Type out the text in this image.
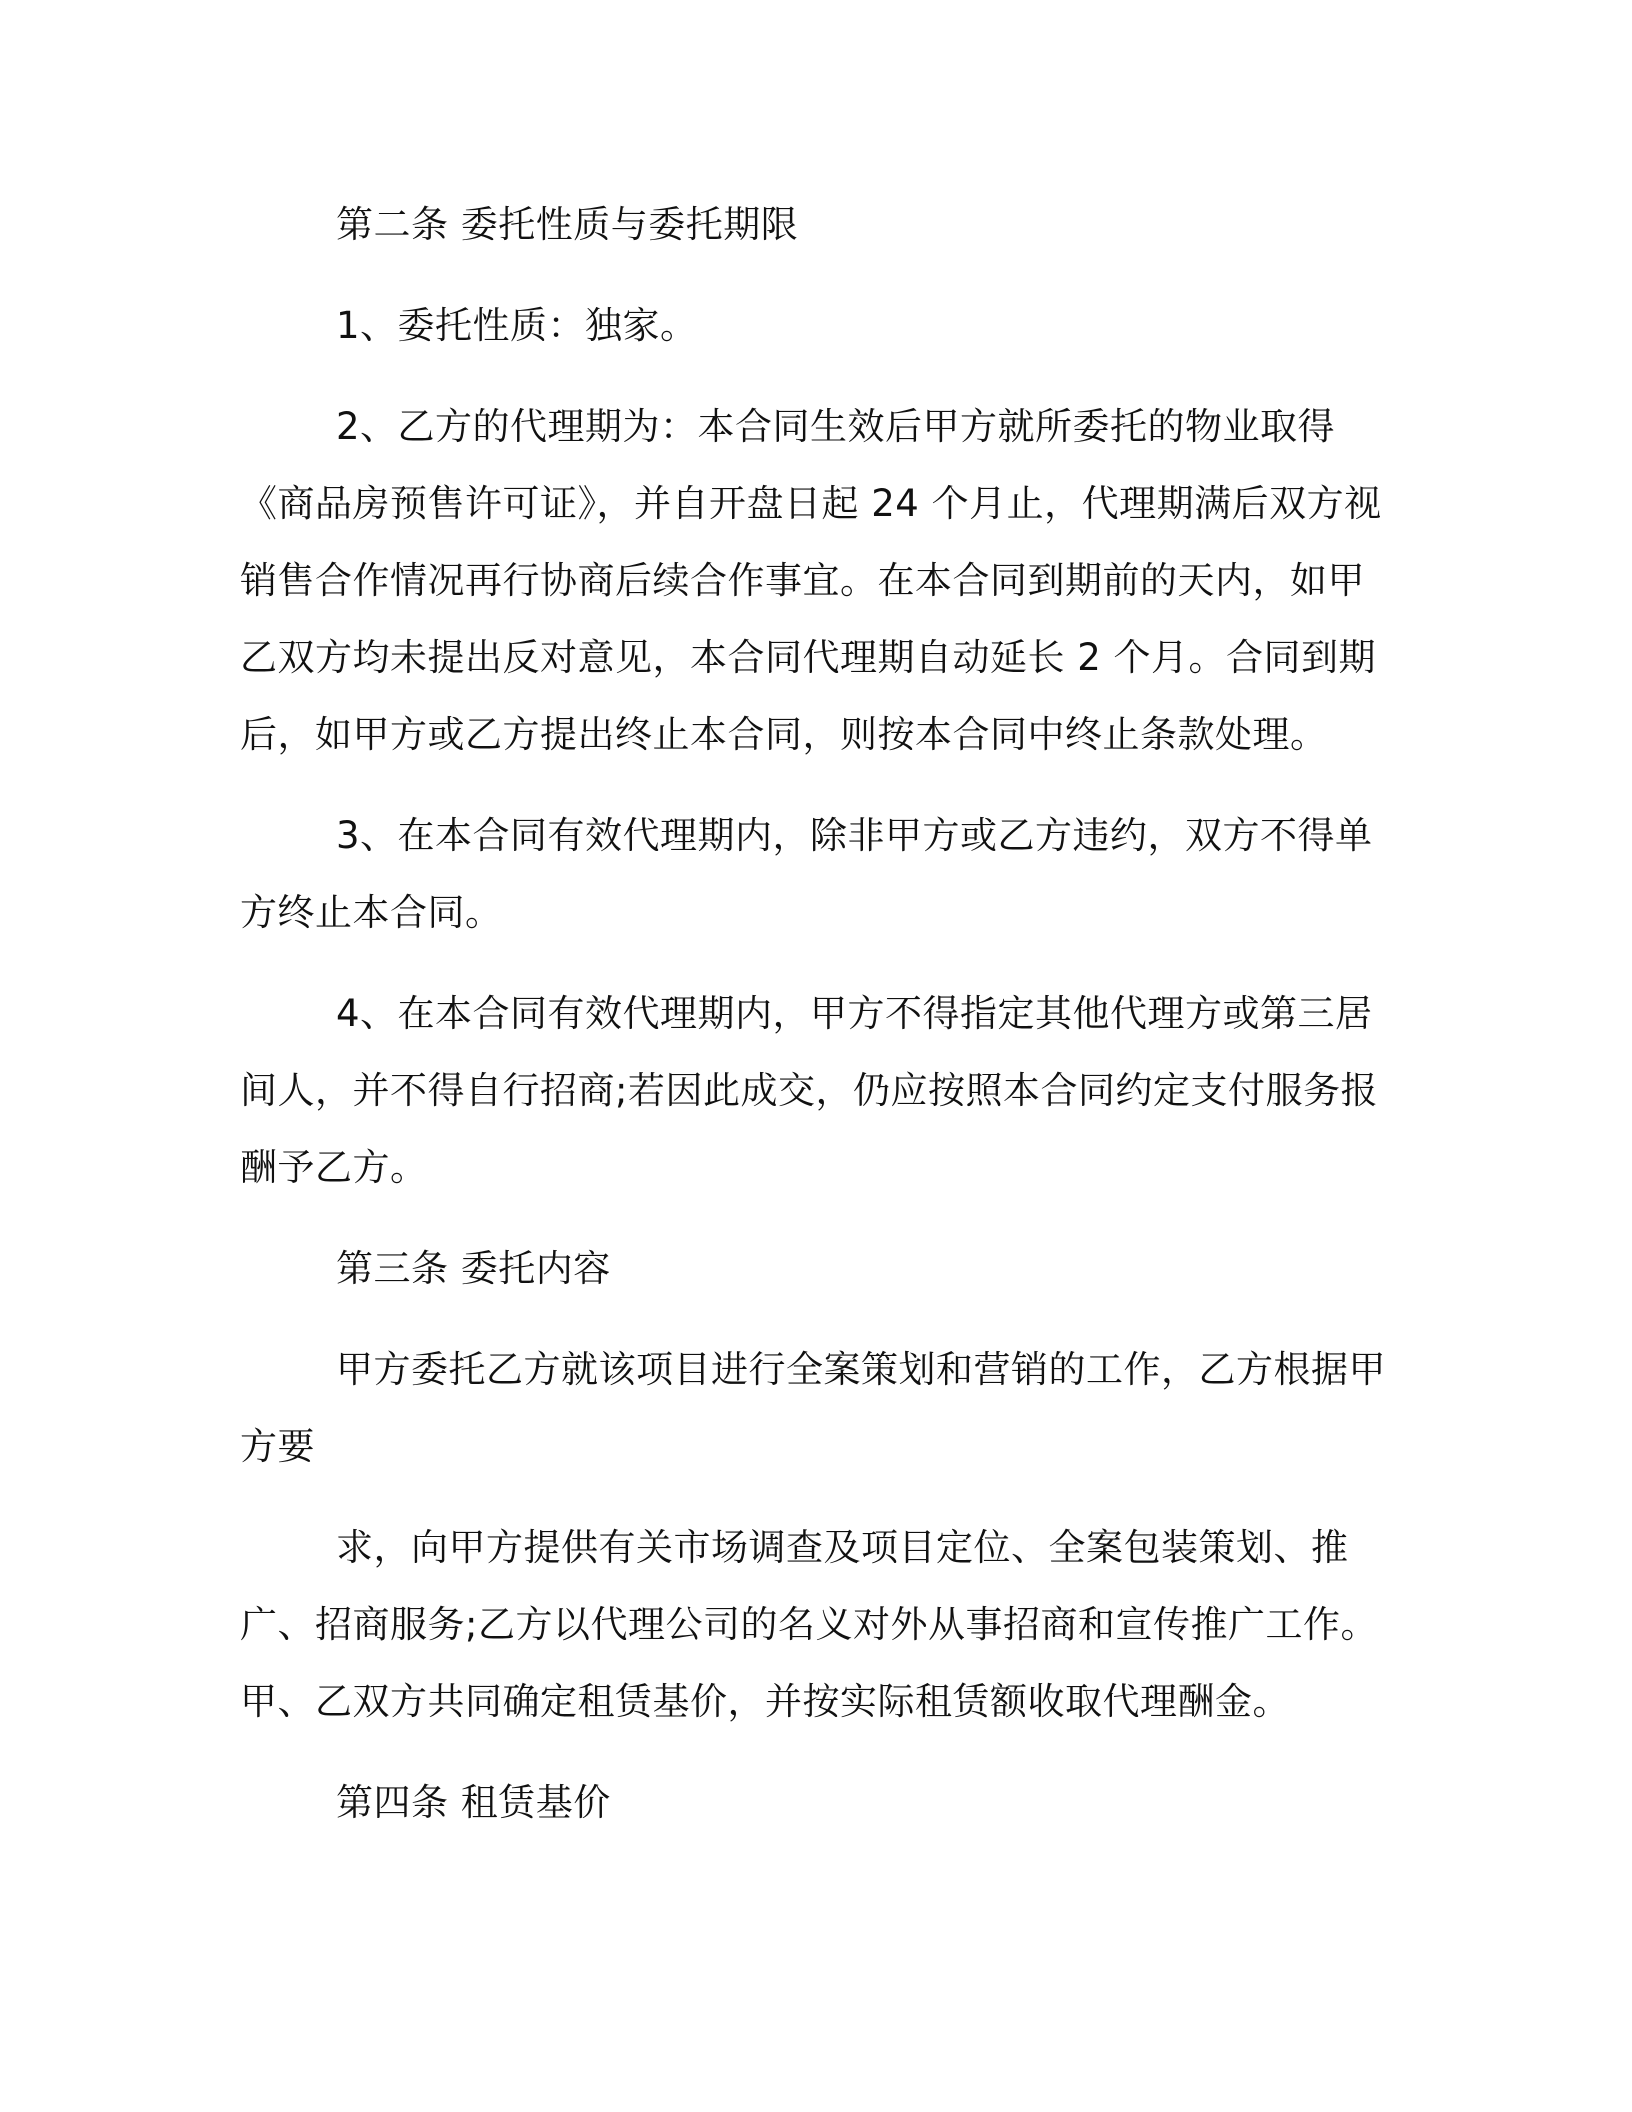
第二条 委托性质与委托期限

1、委托性质：独家。

2、乙方的代理期为：本合同生效后甲方就所委托的物业取得《商品房预售许可证》，并自开盘日起 24 个月止，代理期满后双方视销售合作情况再行协商后续合作事宜。在本合同到期前的天内，如甲乙双方均未提出反对意见，本合同代理期自动延长 2 个月。合同到期后，如甲方或乙方提出终止本合同，则按本合同中终止条款处理。

3、在本合同有效代理期内，除非甲方或乙方违约，双方不得单方终止本合同。

4、在本合同有效代理期内，甲方不得指定其他代理方或第三居间人，并不得自行招商;若因此成交，仍应按照本合同约定支付服务报酬予乙方。

第三条 委托内容

甲方委托乙方就该项目进行全案策划和营销的工作，乙方根据甲方要

求，向甲方提供有关市场调查及项目定位、全案包装策划、推广、招商服务;乙方以代理公司的名义对外从事招商和宣传推广工作。甲、乙双方共同确定租赁基价，并按实际租赁额收取代理酬金。

第四条 租赁基价
